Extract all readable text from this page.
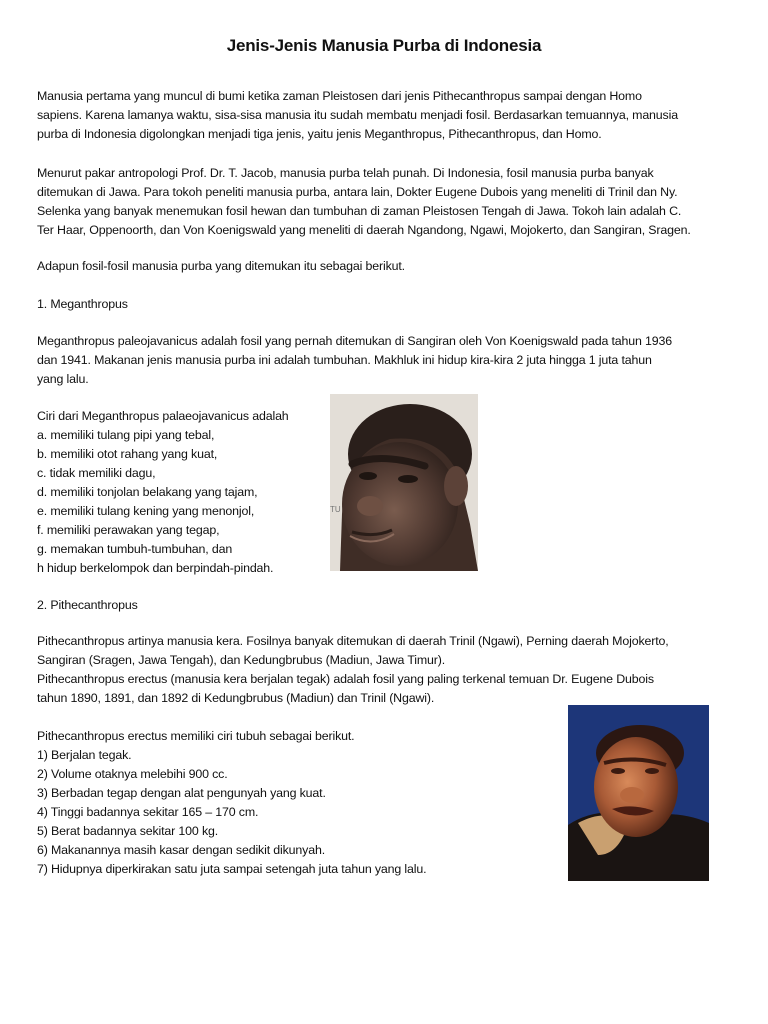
Jenis-Jenis Manusia Purba di Indonesia
Manusia pertama yang muncul di bumi ketika zaman Pleistosen dari jenis Pithecanthropus sampai dengan Homo
sapiens. Karena lamanya waktu, sisa-sisa manusia itu sudah membatu menjadi fosil. Berdasarkan temuannya, manusia
purba di Indonesia digolongkan menjadi tiga jenis, yaitu jenis Meganthropus, Pithecanthropus, dan Homo.
Menurut pakar antropologi Prof. Dr. T. Jacob, manusia purba telah punah. Di Indonesia, fosil manusia purba banyak
ditemukan di Jawa. Para tokoh peneliti manusia purba, antara lain, Dokter Eugene Dubois yang meneliti di Trinil dan Ny.
Selenka yang banyak menemukan fosil hewan dan tumbuhan di zaman Pleistosen Tengah di Jawa. Tokoh lain adalah C.
Ter Haar, Oppenoorth, dan Von Koenigswald yang meneliti di daerah Ngandong, Ngawi, Mojokerto, dan Sangiran, Sragen.
Adapun fosil-fosil manusia purba yang ditemukan itu sebagai berikut.
1. Meganthropus
Meganthropus paleojavanicus adalah fosil yang pernah ditemukan di Sangiran oleh Von Koenigswald pada tahun 1936
dan 1941. Makanan jenis manusia purba ini adalah tumbuhan. Makhluk ini hidup kira-kira 2 juta hingga 1 juta tahun
yang lalu.
Ciri dari Meganthropus palaeojavanicus adalah
a. memiliki tulang pipi yang tebal,
b. memiliki otot rahang yang kuat,
c. tidak memiliki dagu,
d. memiliki tonjolan belakang yang tajam,
e. memiliki tulang kening yang menonjol,
f. memiliki perawakan yang tegap,
g. memakan tumbuh-tumbuhan, dan
h hidup berkelompok dan berpindah-pindah.
TU
2. Pithecanthropus
Pithecanthropus artinya manusia kera. Fosilnya banyak ditemukan di daerah Trinil (Ngawi), Perning daerah Mojokerto,
Sangiran (Sragen, Jawa Tengah), dan Kedungbrubus (Madiun, Jawa Timur).
Pithecanthropus erectus (manusia kera berjalan tegak) adalah fosil yang paling terkenal temuan Dr. Eugene Dubois
tahun 1890, 1891, dan 1892 di Kedungbrubus (Madiun) dan Trinil (Ngawi).
Pithecanthropus erectus memiliki ciri tubuh sebagai berikut.
1) Berjalan tegak.
2) Volume otaknya melebihi 900 cc.
3) Berbadan tegap dengan alat pengunyah yang kuat.
4) Tinggi badannya sekitar 165 – 170 cm.
5) Berat badannya sekitar 100 kg.
6) Makanannya masih kasar dengan sedikit dikunyah.
7) Hidupnya diperkirakan satu juta sampai setengah juta tahun yang lalu.
